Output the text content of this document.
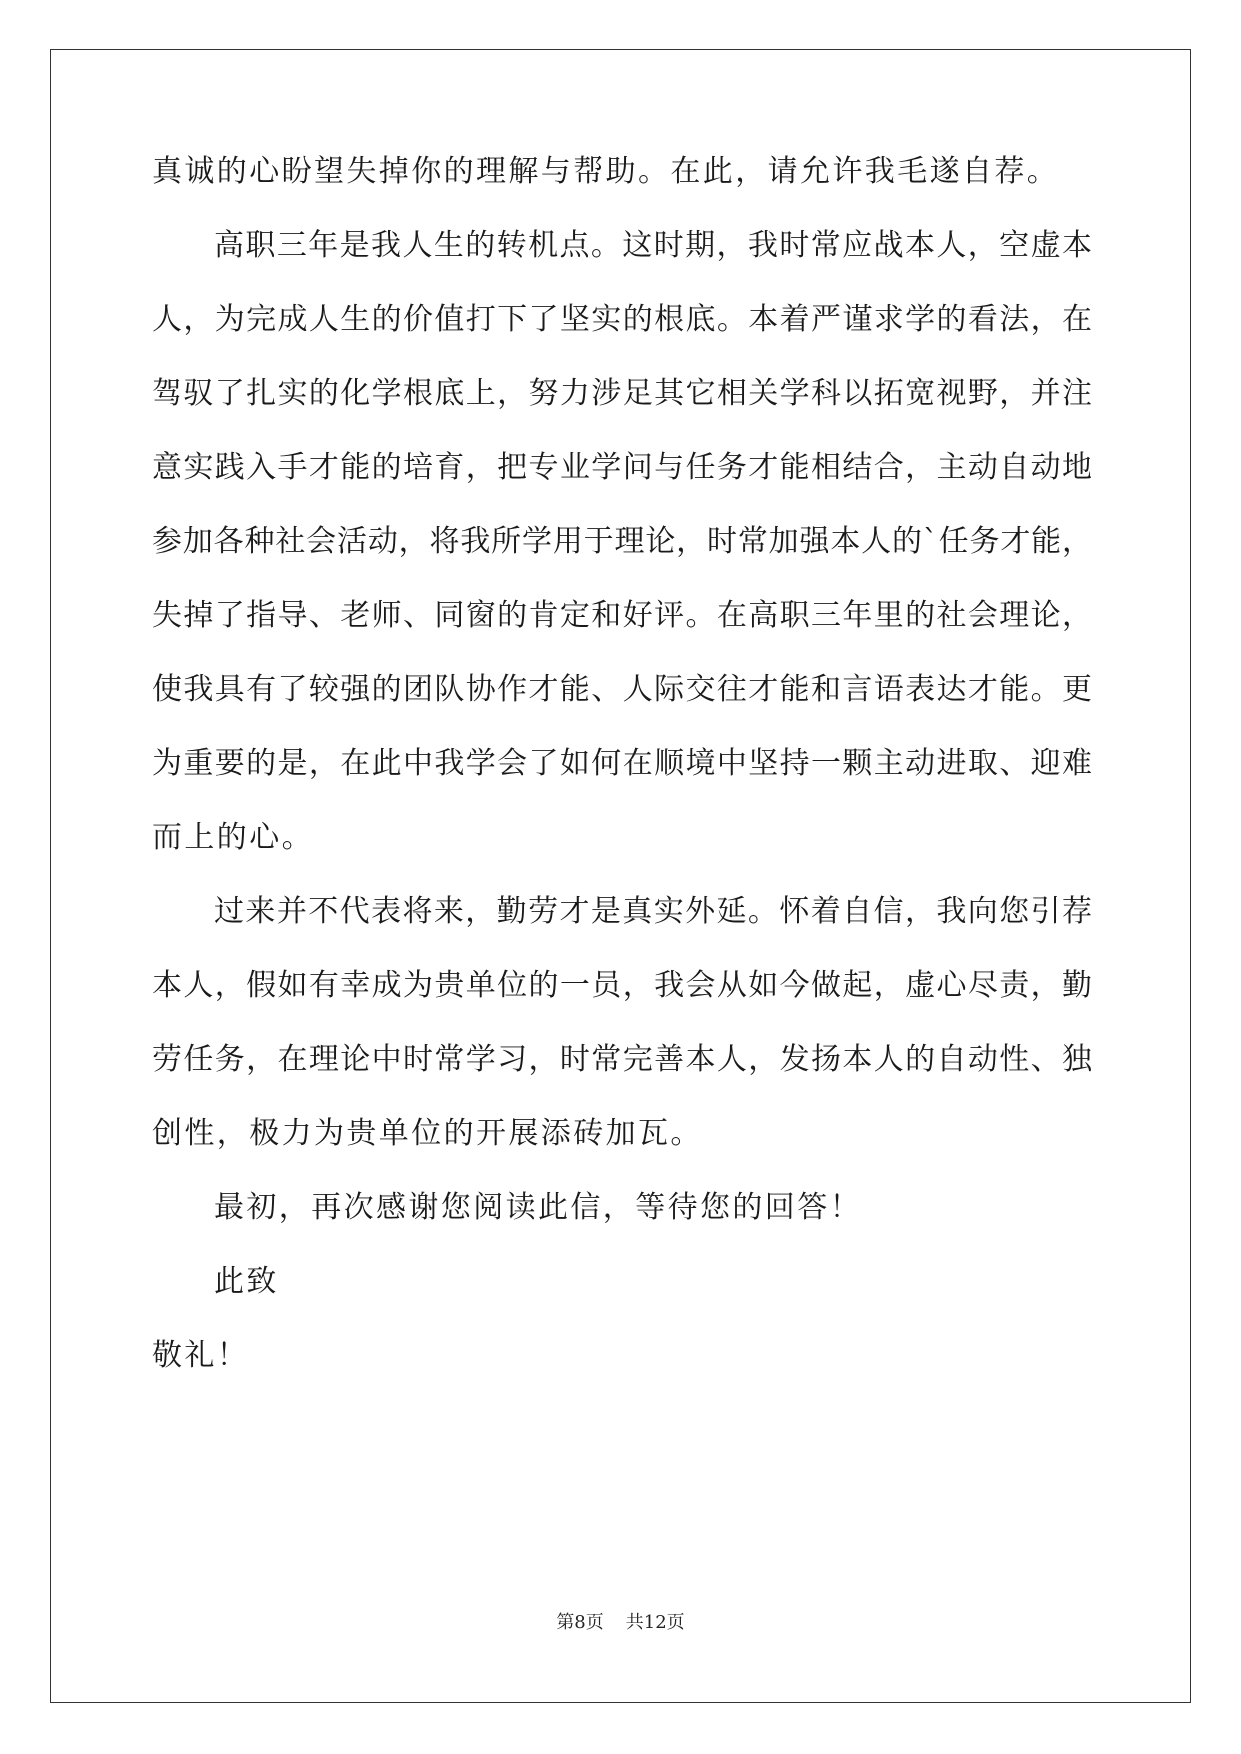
真诚的心盼望失掉你的理解与帮助。在此，请允许我毛遂自荐。
高职三年是我人生的转机点。这时期，我时常应战本人，空虚本
人，为完成人生的价值打下了坚实的根底。本着严谨求学的看法，在
驾驭了扎实的化学根底上，努力涉足其它相关学科以拓宽视野，并注
意实践入手才能的培育，把专业学问与任务才能相结合，主动自动地
参加各种社会活动，将我所学用于理论，时常加强本人的`任务才能，
失掉了指导、老师、同窗的肯定和好评。在高职三年里的社会理论，
使我具有了较强的团队协作才能、人际交往才能和言语表达才能。更
为重要的是，在此中我学会了如何在顺境中坚持一颗主动进取、迎难
而上的心。
过来并不代表将来，勤劳才是真实外延。怀着自信，我向您引荐
本人，假如有幸成为贵单位的一员，我会从如今做起，虚心尽责，勤
劳任务，在理论中时常学习，时常完善本人，发扬本人的自动性、独
创性，极力为贵单位的开展添砖加瓦。
最初，再次感谢您阅读此信，等待您的回答！
此致
敬礼！
第8页 共12页
